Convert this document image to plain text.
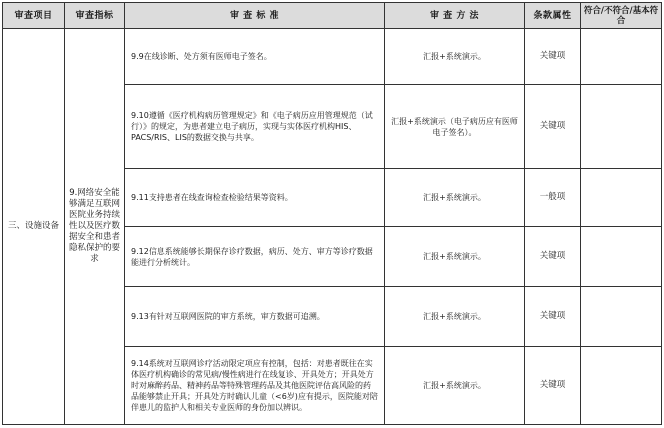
审查项目	审查指标	审 查 标 准	审 查 方 法	条款属性	符合/不符合/基本符合
三、设施设备	9.网络安全能够满足互联网医院业务持续性以及医疗数据安全和患者隐私保护的要求	9.9在线诊断、处方须有医师电子签名。	汇报+系统演示。	关键项	
		9.10遵循《医疗机构病历管理规定》和《电子病历应用管理规范（试行）》的规定，为患者建立电子病历，实现与实体医疗机构HIS、PACS/RIS、LIS的数据交换与共享。	汇报+系统演示（电子病历应有医师电子签名）。	关键项	
		9.11支持患者在线查询检查检验结果等资料。	汇报+系统演示。	一般项	
		9.12信息系统能够长期保存诊疗数据，病历、处方、审方等诊疗数据能进行分析统计。	汇报+系统演示。	关键项	
		9.13有针对互联网医院的审方系统，审方数据可追溯。	汇报+系统演示。	关键项	
		9.14系统对互联网诊疗活动限定项应有控制，包括：对患者既往在实体医疗机构确诊的常见病/慢性病进行在线复诊、开具处方；开具处方时对麻醉药品、精神药品等特殊管理药品及其他医院评估高风险的药品能够禁止开具；开具处方时确认儿童（<6岁)应有提示，医院能对陪伴患儿的监护人和相关专业医师的身份加以辨识。	汇报+系统演示。	关键项	
